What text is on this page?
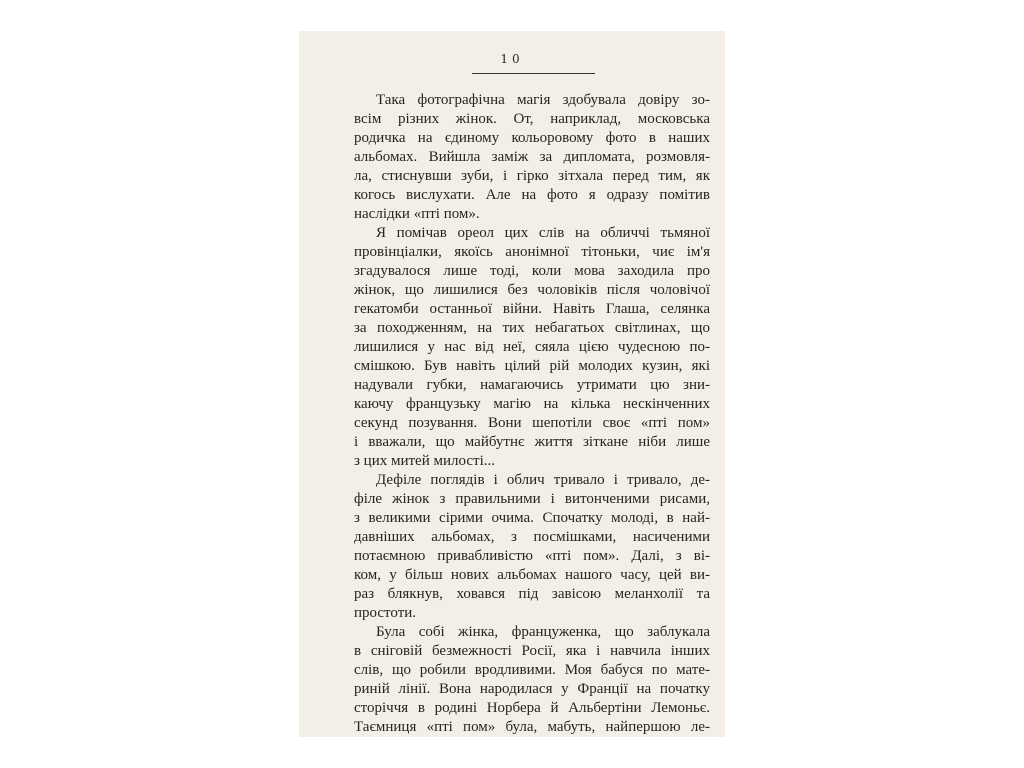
10
Така фотографічна магія здобувала довіру зо-
всім різних жінок. От, наприклад, московська
родичка на єдиному кольоровому фото в наших
альбомах. Вийшла заміж за дипломата, розмовля-
ла, стиснувши зуби, і гірко зітхала перед тим, як
когось вислухати. Але на фото я одразу помітив
наслідки «пті пом».
Я помічав ореол цих слів на обличчі тьмяної
провінціалки, якоїсь анонімної тітоньки, чиє ім'я
згадувалося лише тоді, коли мова заходила про
жінок, що лишилися без чоловіків після чоловічої
гекатомби останньої війни. Навіть Глаша, селянка
за походженням, на тих небагатьох світлинах, що
лишилися у нас від неї, сяяла цією чудесною по-
смішкою. Був навіть цілий рій молодих кузин, які
надували губки, намагаючись утримати цю зни-
каючу французьку магію на кілька нескінченних
секунд позування. Вони шепотіли своє «пті пом»
і вважали, що майбутнє життя зіткане ніби лише
з цих митей милості...
Дефіле поглядів і облич тривало і тривало, де-
філе жінок з правильними і витонченими рисами,
з великими сірими очима. Спочатку молоді, в най-
давніших альбомах, з посмішками, насиченими
потаємною привабливістю «пті пом». Далі, з ві-
ком, у більш нових альбомах нашого часу, цей ви-
раз блякнув, ховався під завісою меланхолії та
простоти.
Була собі жінка, француженка, що заблукала
в сніговій безмежності Росії, яка і навчила інших
слів, що робили вродливими. Моя бабуся по мате-
риній лінії. Вона народилася у Франції на початку
сторіччя в родині Норбера й Альбертіни Лемоньє.
Таємниця «пті пом» була, мабуть, найпершою ле-
